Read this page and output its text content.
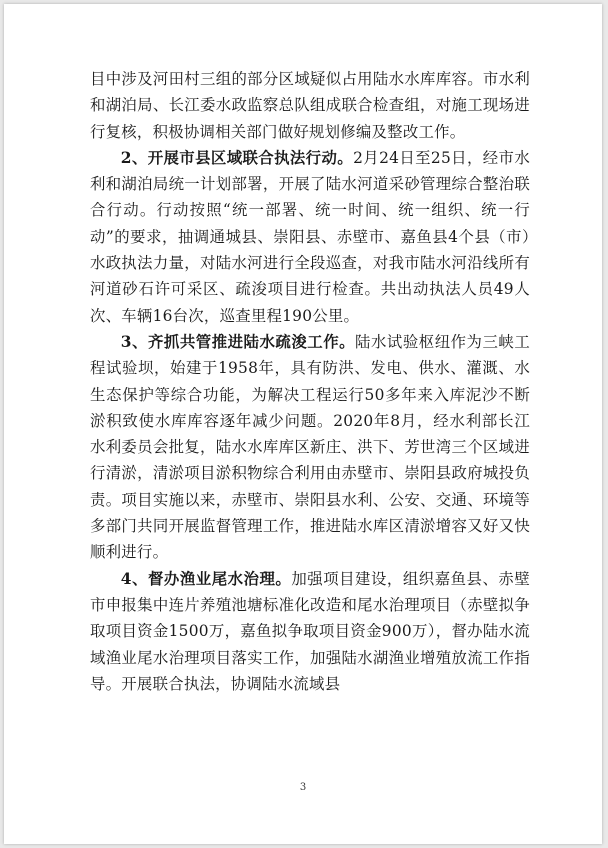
目中涉及河田村三组的部分区域疑似占用陆水水库库容。市水利和湖泊局、长江委水政监察总队组成联合检查组，对施工现场进行复核，积极协调相关部门做好规划修编及整改工作。

2、开展市县区域联合执法行动。2月24日至25日，经市水利和湖泊局统一计划部署，开展了陆水河道采砂管理综合整治联合行动。行动按照“统一部署、统一时间、统一组织、统一行动”的要求，抽调通城县、崇阳县、赤壁市、嘉鱼县4个县（市）水政执法力量，对陆水河进行全段巡查，对我市陆水河沿线所有河道砂石许可采区、疏浚项目进行检查。共出动执法人员49人次、车辆16台次，巡查里程190公里。

3、齐抓共管推进陆水疏浚工作。陆水试验枢纽作为三峡工程试验坝，始建于1958年，具有防洪、发电、供水、灌溉、水生态保护等综合功能，为解决工程运行50多年来入库泥沙不断淤积致使水库库容逐年减少问题。2020年8月，经水利部长江水利委员会批复，陆水水库库区新庄、洪下、芳世湾三个区域进行清淤，清淤项目淤积物综合利用由赤壁市、崇阳县政府城投负责。项目实施以来，赤壁市、崇阳县水利、公安、交通、环境等多部门共同开展监督管理工作，推进陆水库区清淤增容又好又快顺利进行。

4、督办渔业尾水治理。加强项目建设，组织嘉鱼县、赤壁市申报集中连片养殖池塘标准化改造和尾水治理项目（赤壁拟争取项目资金1500万，嘉鱼拟争取项目资金900万），督办陆水流域渔业尾水治理项目落实工作，加强陆水湖渔业增殖放流工作指导。开展联合执法，协调陆水流域县

3
